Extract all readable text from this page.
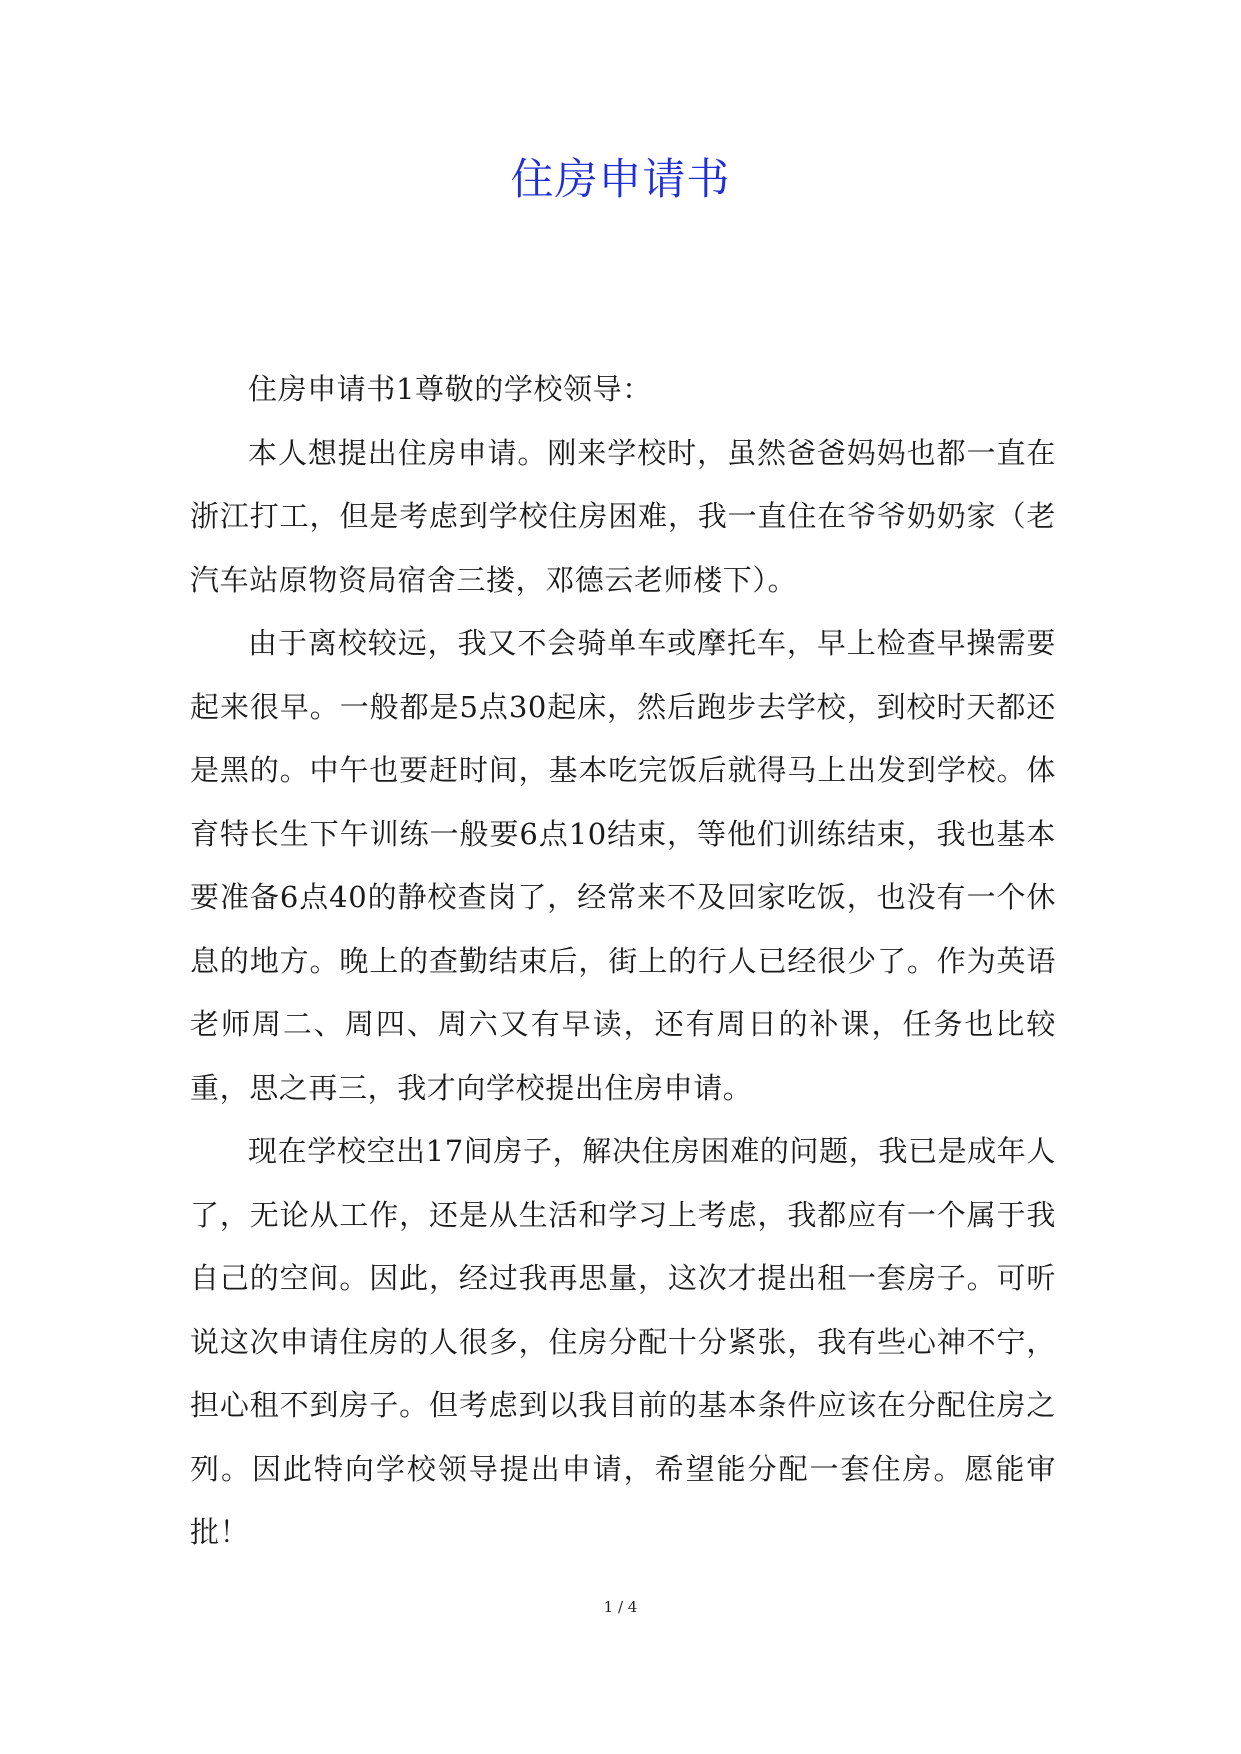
住房申请书

住房申请书1尊敬的学校领导：

本人想提出住房申请。刚来学校时，虽然爸爸妈妈也都一直在浙江打工，但是考虑到学校住房困难，我一直住在爷爷奶奶家（老汽车站原物资局宿舍三搂，邓德云老师楼下）。

由于离校较远，我又不会骑单车或摩托车，早上检查早操需要起来很早。一般都是5点30起床，然后跑步去学校，到校时天都还是黑的。中午也要赶时间，基本吃完饭后就得马上出发到学校。体育特长生下午训练一般要6点10结束，等他们训练结束，我也基本要准备6点40的静校查岗了，经常来不及回家吃饭，也没有一个休息的地方。晚上的查勤结束后，街上的行人已经很少了。作为英语老师周二、周四、周六又有早读，还有周日的补课，任务也比较重，思之再三，我才向学校提出住房申请。

现在学校空出17间房子，解决住房困难的问题，我已是成年人了，无论从工作，还是从生活和学习上考虑，我都应有一个属于我自己的空间。因此，经过我再思量，这次才提出租一套房子。可听说这次申请住房的人很多，住房分配十分紧张，我有些心神不宁，担心租不到房子。但考虑到以我目前的基本条件应该在分配住房之列。因此特向学校领导提出申请，希望能分配一套住房。愿能审批！

1 / 4
